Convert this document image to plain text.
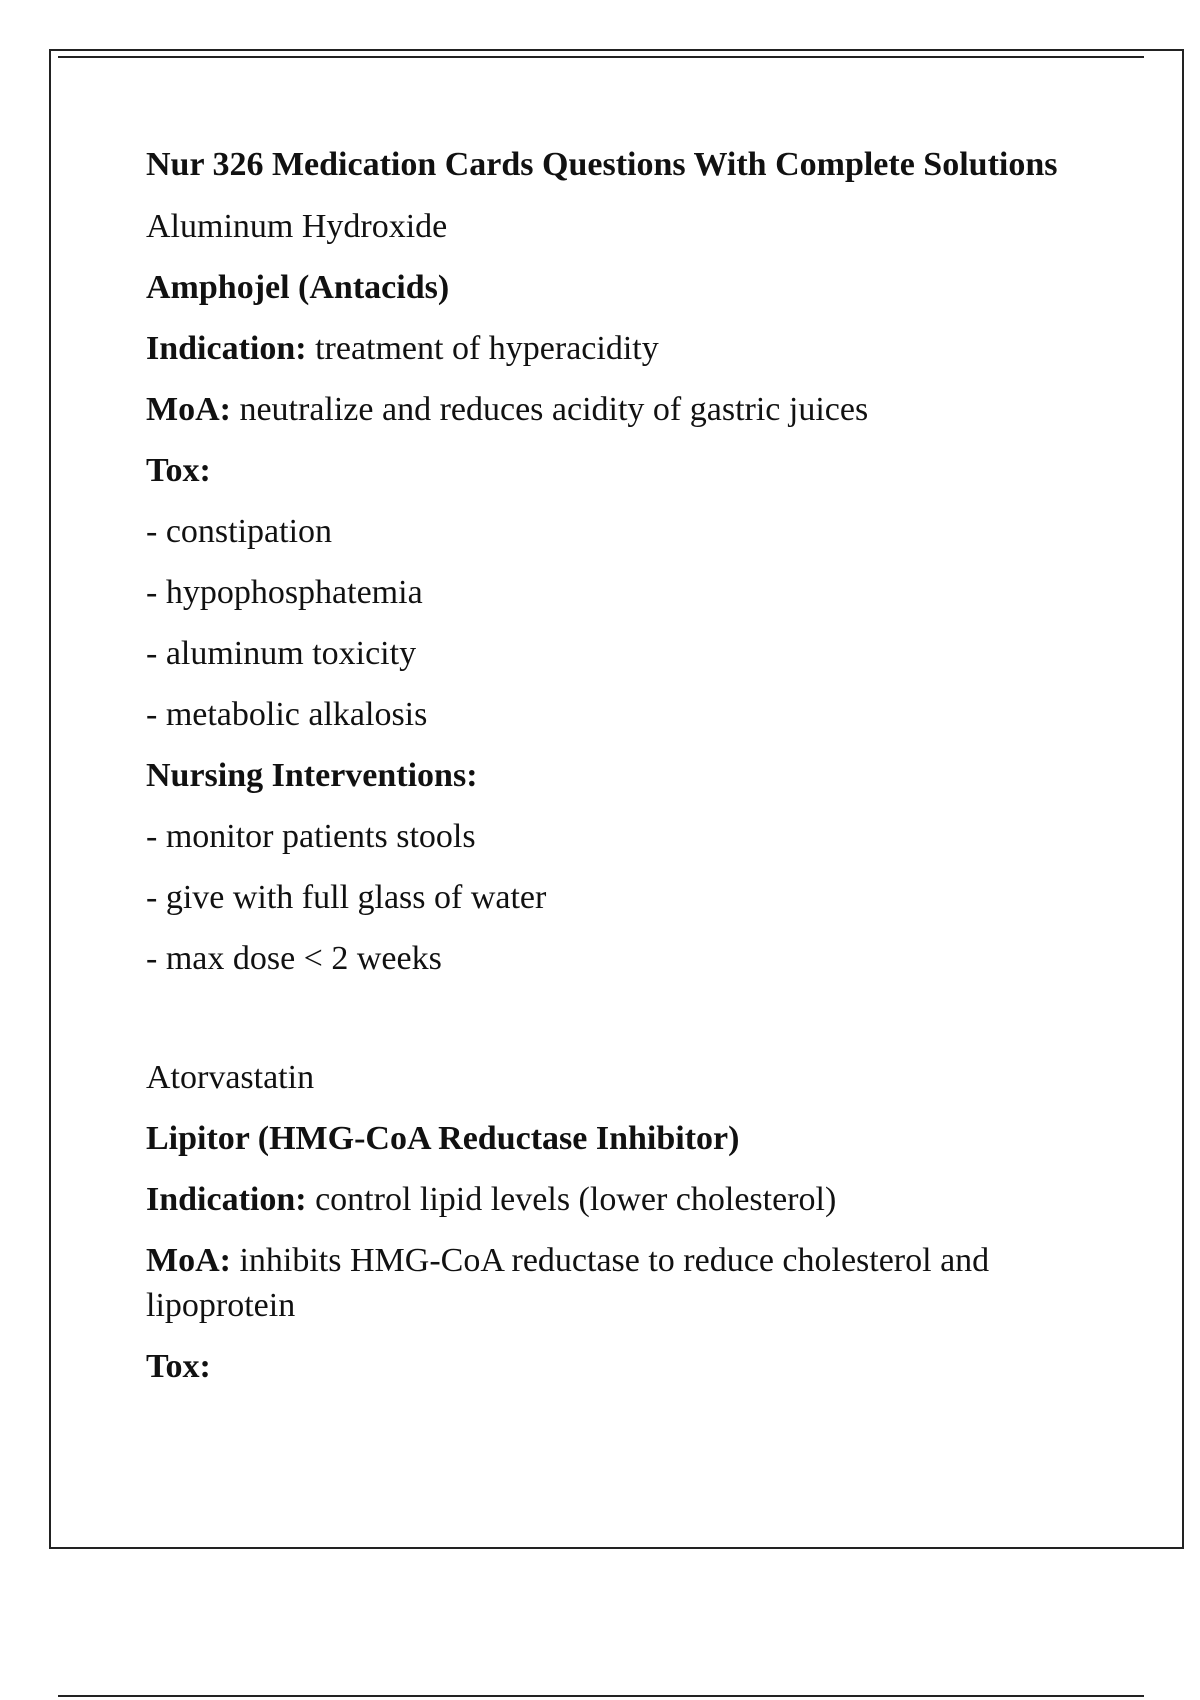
Nur 326 Medication Cards Questions With Complete Solutions
Aluminum Hydroxide
Amphojel (Antacids)
Indication: treatment of hyperacidity
MoA: neutralize and reduces acidity of gastric juices
Tox:
- constipation
- hypophosphatemia
- aluminum toxicity
- metabolic alkalosis
Nursing Interventions:
- monitor patients stools
- give with full glass of water
- max dose < 2 weeks
Atorvastatin
Lipitor (HMG-CoA Reductase Inhibitor)
Indication: control lipid levels (lower cholesterol)
MoA: inhibits HMG-CoA reductase to reduce cholesterol and lipoprotein
Tox:
